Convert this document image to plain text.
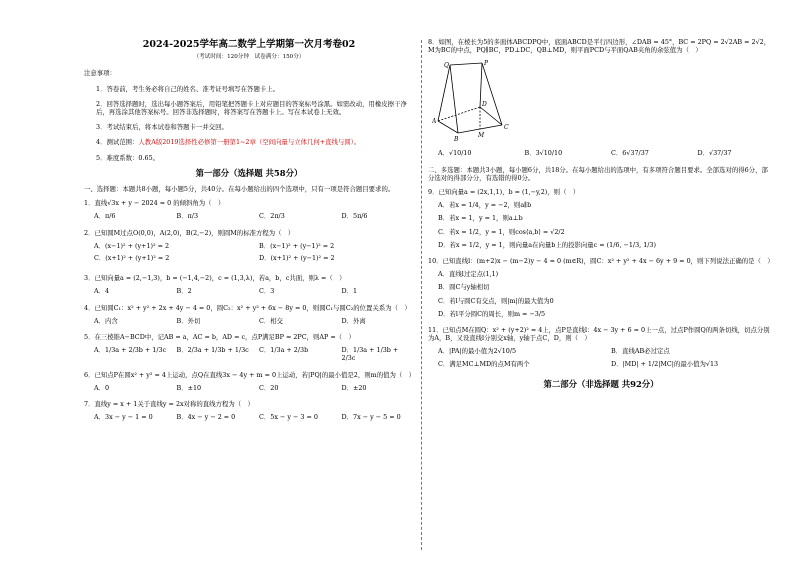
2024-2025学年高二数学上学期第一次月考卷02
（考试时间：120分钟　试卷满分：150分）
注意事项：
1．答卷前，考生务必将自己的姓名、准考证号填写在答题卡上。
2．回答选择题时，选出每小题答案后，用铅笔把答题卡上对应题目的答案标号涂黑。如需改动，用橡皮擦干净后，再选涂其他答案标号。回答非选择题时，将答案写在答题卡上。写在本试卷上无效。
3．考试结束后，将本试卷和答题卡一并交回。
4．测试范围：人教A版2019选择性必修第一册第1~2章（空间向量与立体几何+直线与圆）。
5．难度系数：0.65。
第一部分（选择题 共58分）
一、选择题：本题共8小题，每小题5分，共40分。在每小题给出的四个选项中，只有一项是符合题目要求的。
1．直线√3x + y − 2024 = 0 的倾斜角为（　）
A．π/6	B．π/3	C．2π/3	D．5π/6
2．已知圆M过点O(0,0)，A(2,0)，B(2,−2)，则圆M的标准方程为（　）
A．(x−1)² + (y+1)² = 2	B．(x−1)² + (y−1)² = 2
C．(x+1)² + (y+1)² = 2	D．(x+1)² + (y−1)² = 2
3．已知向量a = (2,−1,3)，b = (−1,4,−2)，c = (1,3,λ)，若a，b，c共面，则λ =（　）
A．4	B．2	C．3	D．1
4．已知圆C₁：x² + y² + 2x + 4y − 4 = 0，圆C₂：x² + y² + 6x − 8y = 0，则圆C₁与圆C₂的位置关系为（　）
A．内含	B．外切	C．相交	D．外离
5．在三棱锥A−BCD中，记AB = a，AC = b，AD = c，点P满足BP = 2PC，则AP =（　）
A．1/3a + 2/3b + 1/3c	B．2/3a + 1/3b + 1/3c	C．1/3a + 2/3b	D．1/3a + 1/3b + 2/3c
6．已知点P在圆x² + y² = 4上运动，点Q在直线3x − 4y + m = 0上运动，若|PQ|的最小值是2，则m的值为（　）
A．0	B．±10	C．20	D．±20
7．直线y = x + 1关于直线y = 2x对称的直线方程为（　）
A．3x − y − 1 = 0	B．4x − y − 2 = 0	C．5x − y − 3 = 0	D．7x − y − 5 = 0
8．如图，在棱长为5的多面体ABCDPQ中，底面ABCD是平行四边形，∠DAB = 45°，BC = 2PQ = 2√2AB = 2√2，M为BC的中点，PQ∥BC，PD⊥DC，QB⊥MD，则平面PCD与平面QAB夹角的余弦值为（　）
Q	P
A
B
M
C
D
A．√10/10	B．3√10/10	C．6√37/37	D．√37/37
二、多选题：本题共3小题，每小题6分，共18分。在每小题给出的选项中，有多项符合题目要求。全部选对的得6分，部分选对的得部分分，有选错的得0分。
9．已知向量a = (2x,1,1)，b = (1,−y,2)，则（　）
A．若x = 1/4，y = −2，则a∥b
B．若x = 1，y = 1，则a⊥b
C．若x = 1/2，y = 1，则cos⟨a,b⟩ = √2/2
D．若x = 1/2，y = 1，则向量a在向量b上的投影向量c = (1/6, −1/3, 1/3)
10．已知直线l：(m+2)x − (m−2)y − 4 = 0 (m∈R)，圆C：x² + y² + 4x − 6y + 9 = 0，则下列说法正确的是（　）
A．直线l过定点(1,1)
B．圆C与y轴相切
C．若l与圆C有交点，则|m|的最大值为0
D．若l平分圆C的周长，则m = −3/5
11．已知点M在圆Q：x² + (y+2)² = 4上，点P是直线l：4x − 3y + 6 = 0上一点，过点P作圆Q的两条切线，切点分别为A，B，又设直线l分别交x轴，y轴于点C，D，则（　）
A．|PA|的最小值为2√10/5	B．直线AB必过定点
C．满足MC⊥MD的点M有两个	D．|MD| + 1/2|MC|的最小值为√13
第二部分（非选择题 共92分）
